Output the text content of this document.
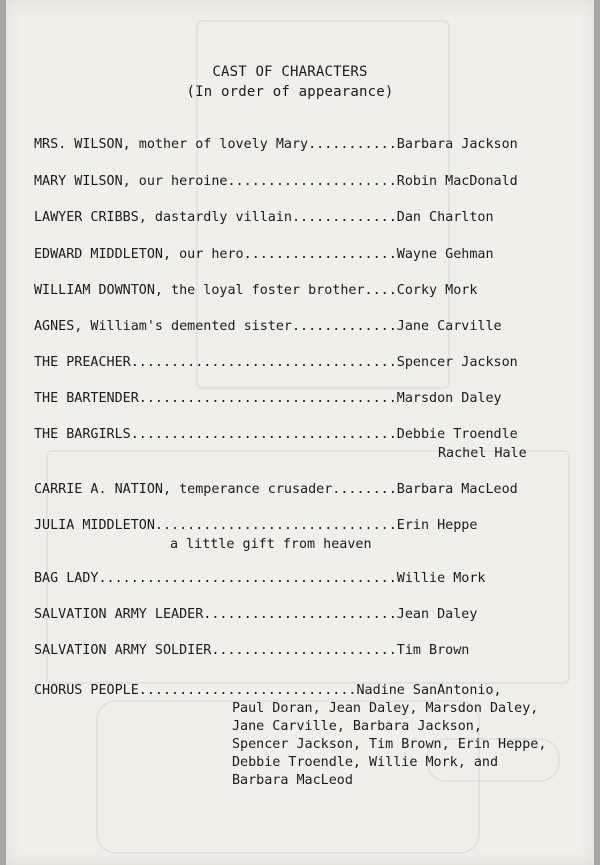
CAST OF CHARACTERS
(In order of appearance)
MRS. WILSON, mother of lovely Mary...........Barbara Jackson
MARY WILSON, our heroine.....................Robin MacDonald
LAWYER CRIBBS, dastardly villain.............Dan Charlton
EDWARD MIDDLETON, our hero...................Wayne Gehman
WILLIAM DOWNTON, the loyal foster brother....Corky Mork
AGNES, William's demented sister.............Jane Carville
THE PREACHER.................................Spencer Jackson
THE BARTENDER................................Marsdon Daley
THE BARGIRLS.................................Debbie Troendle
Rachel Hale
CARRIE A. NATION, temperance crusader........Barbara MacLeod
JULIA MIDDLETON..............................Erin Heppe
a little gift from heaven
BAG LADY.....................................Willie Mork
SALVATION ARMY LEADER........................Jean Daley
SALVATION ARMY SOLDIER.......................Tim Brown
CHORUS PEOPLE...........................Nadine SanAntonio,
Paul Doran, Jean Daley, Marsdon Daley,
Jane Carville, Barbara Jackson,
Spencer Jackson, Tim Brown, Erin Heppe,
Debbie Troendle, Willie Mork, and
Barbara MacLeod
